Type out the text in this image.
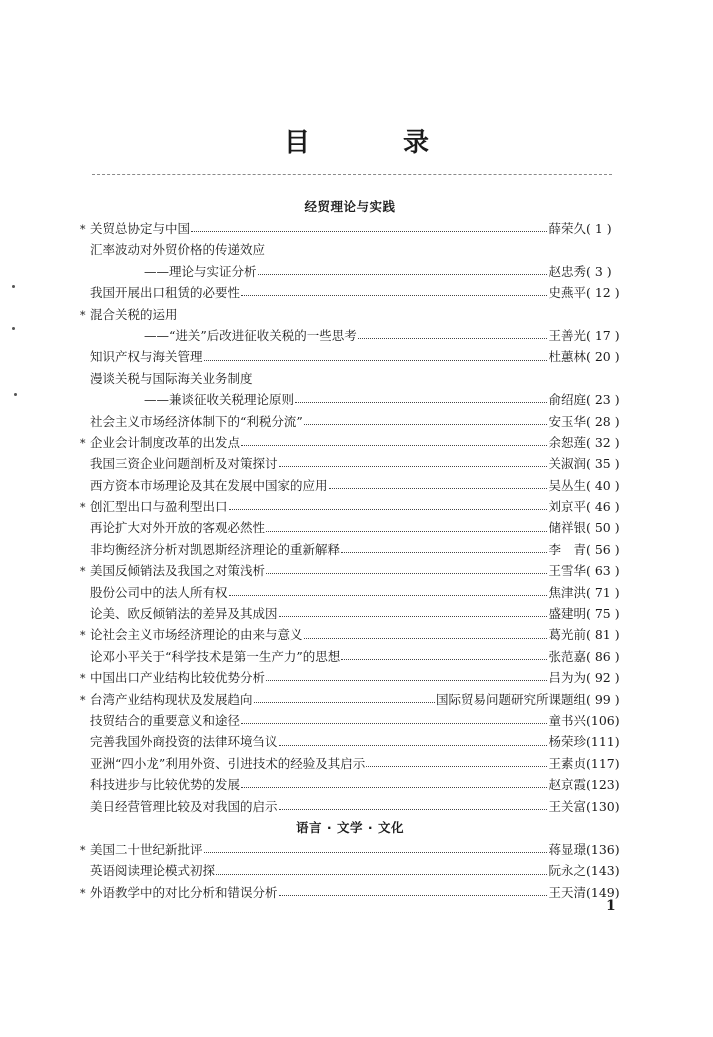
目 录
经贸理论与实践
* 关贸总协定与中国	薛荣久 ( 1 )
汇率波动对外贸价格的传递效应
——理论与实证分析	赵忠秀 ( 3 )
我国开展出口租赁的必要性	史燕平 ( 12 )
* 混合关税的运用
——“进关”后改进征收关税的一些思考	王善光 ( 17 )
知识产权与海关管理	杜蕙林 ( 20 )
漫谈关税与国际海关业务制度
——兼谈征收关税理论原则	俞绍庭 ( 23 )
社会主义市场经济体制下的“利税分流”	安玉华 ( 28 )
* 企业会计制度改革的出发点	余恕莲 ( 32 )
我国三资企业问题剖析及对策探讨	关淑润 ( 35 )
西方资本市场理论及其在发展中国家的应用	吴丛生 ( 40 )
* 创汇型出口与盈利型出口	刘京平 ( 46 )
再论扩大对外开放的客观必然性	储祥银 ( 50 )
非均衡经济分析对凯恩斯经济理论的重新解释	李　青 ( 56 )
* 美国反倾销法及我国之对策浅析	王雪华 ( 63 )
股份公司中的法人所有权	焦津洪 ( 71 )
论美、欧反倾销法的差异及其成因	盛建明 ( 75 )
* 论社会主义市场经济理论的由来与意义	葛光前 ( 81 )
论邓小平关于“科学技术是第一生产力”的思想	张范嘉 ( 86 )
* 中国出口产业结构比较优势分析	吕为为 ( 92 )
* 台湾产业结构现状及发展趋向	国际贸易问题研究所课题组 ( 99 )
技贸结合的重要意义和途径	童书兴 (106)
完善我国外商投资的法律环境刍议	杨荣珍 (111)
亚洲“四小龙”利用外资、引进技术的经验及其启示	王素贞 (117)
科技进步与比较优势的发展	赵京霞 (123)
美日经营管理比较及对我国的启示	王关富 (130)
语言 · 文学 · 文化
* 美国二十世纪新批评	蒋显璟 (136)
英语阅读理论模式初探	阮永之 (143)
* 外语教学中的对比分析和错误分析	王天清 (149)
1
